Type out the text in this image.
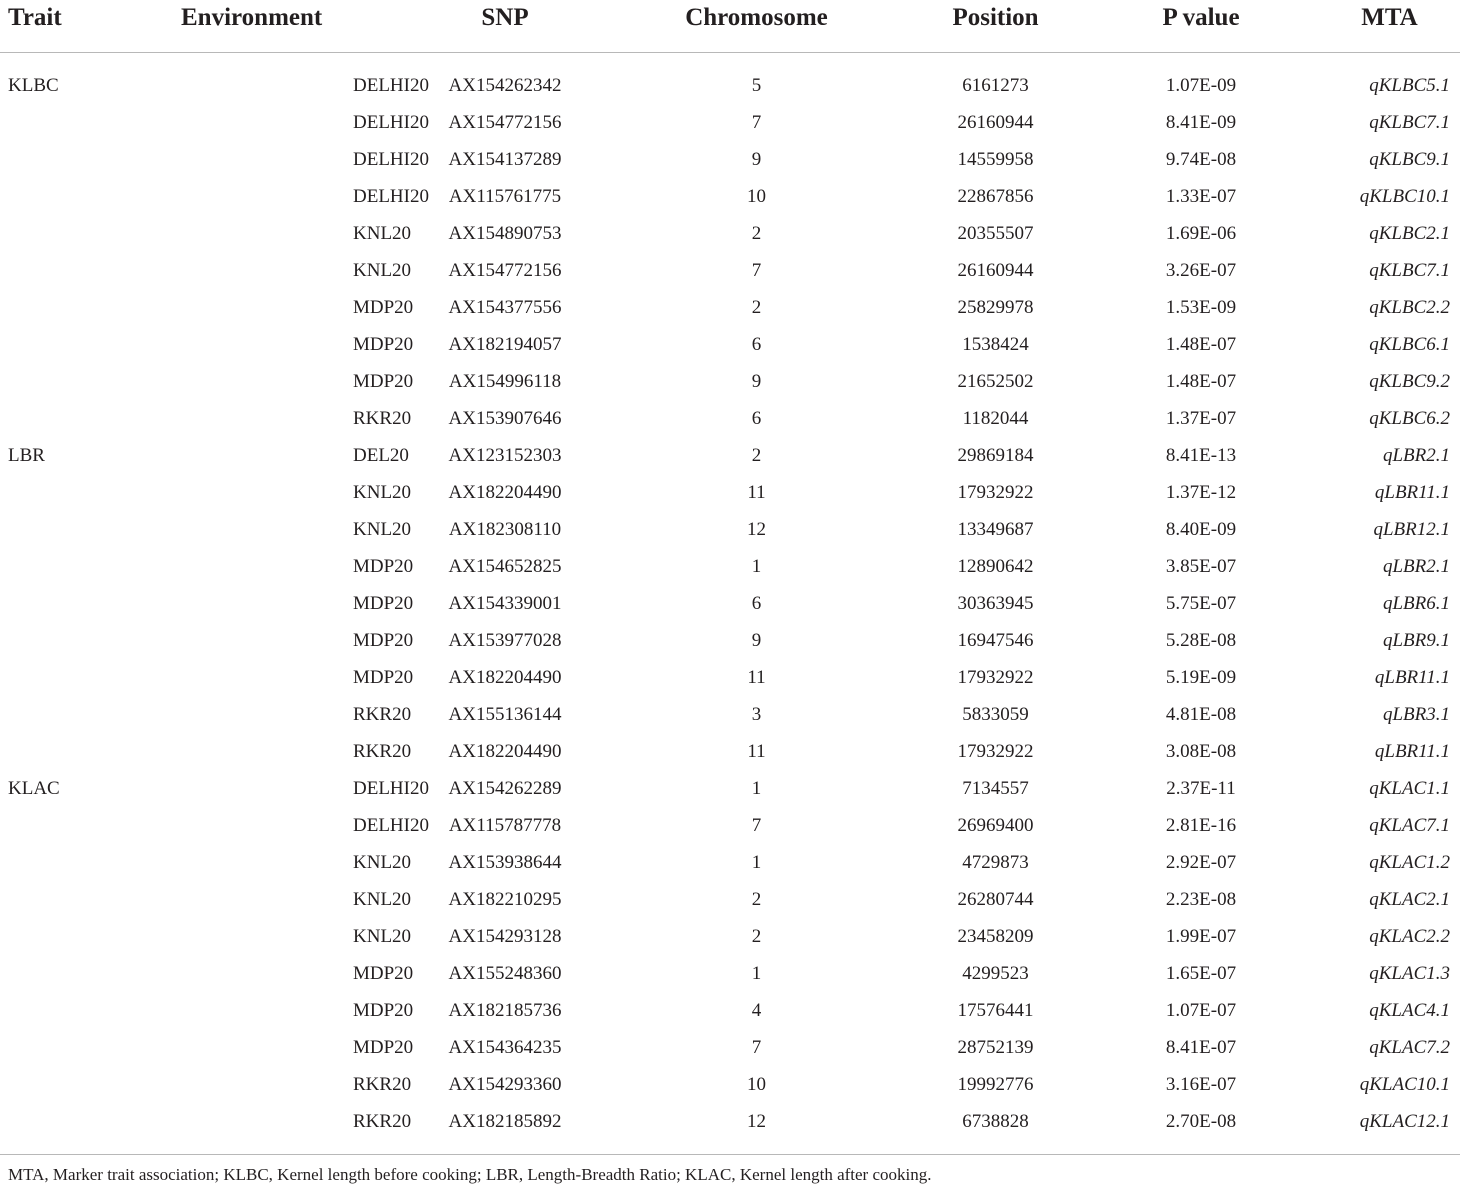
Trait	Environment	SNP	Chromosome	Position	P value	MTA
KLBC	DELHI20	AX154262342	5	6161273	1.07E-09	qKLBC5.1
	DELHI20	AX154772156	7	26160944	8.41E-09	qKLBC7.1
	DELHI20	AX154137289	9	14559958	9.74E-08	qKLBC9.1
	DELHI20	AX115761775	10	22867856	1.33E-07	qKLBC10.1
	KNL20	AX154890753	2	20355507	1.69E-06	qKLBC2.1
	KNL20	AX154772156	7	26160944	3.26E-07	qKLBC7.1
	MDP20	AX154377556	2	25829978	1.53E-09	qKLBC2.2
	MDP20	AX182194057	6	1538424	1.48E-07	qKLBC6.1
	MDP20	AX154996118	9	21652502	1.48E-07	qKLBC9.2
	RKR20	AX153907646	6	1182044	1.37E-07	qKLBC6.2
LBR	DEL20	AX123152303	2	29869184	8.41E-13	qLBR2.1
	KNL20	AX182204490	11	17932922	1.37E-12	qLBR11.1
	KNL20	AX182308110	12	13349687	8.40E-09	qLBR12.1
	MDP20	AX154652825	1	12890642	3.85E-07	qLBR2.1
	MDP20	AX154339001	6	30363945	5.75E-07	qLBR6.1
	MDP20	AX153977028	9	16947546	5.28E-08	qLBR9.1
	MDP20	AX182204490	11	17932922	5.19E-09	qLBR11.1
	RKR20	AX155136144	3	5833059	4.81E-08	qLBR3.1
	RKR20	AX182204490	11	17932922	3.08E-08	qLBR11.1
KLAC	DELHI20	AX154262289	1	7134557	2.37E-11	qKLAC1.1
	DELHI20	AX115787778	7	26969400	2.81E-16	qKLAC7.1
	KNL20	AX153938644	1	4729873	2.92E-07	qKLAC1.2
	KNL20	AX182210295	2	26280744	2.23E-08	qKLAC2.1
	KNL20	AX154293128	2	23458209	1.99E-07	qKLAC2.2
	MDP20	AX155248360	1	4299523	1.65E-07	qKLAC1.3
	MDP20	AX182185736	4	17576441	1.07E-07	qKLAC4.1
	MDP20	AX154364235	7	28752139	8.41E-07	qKLAC7.2
	RKR20	AX154293360	10	19992776	3.16E-07	qKLAC10.1
	RKR20	AX182185892	12	6738828	2.70E-08	qKLAC12.1
MTA, Marker trait association; KLBC, Kernel length before cooking; LBR, Length-Breadth Ratio; KLAC, Kernel length after cooking.
